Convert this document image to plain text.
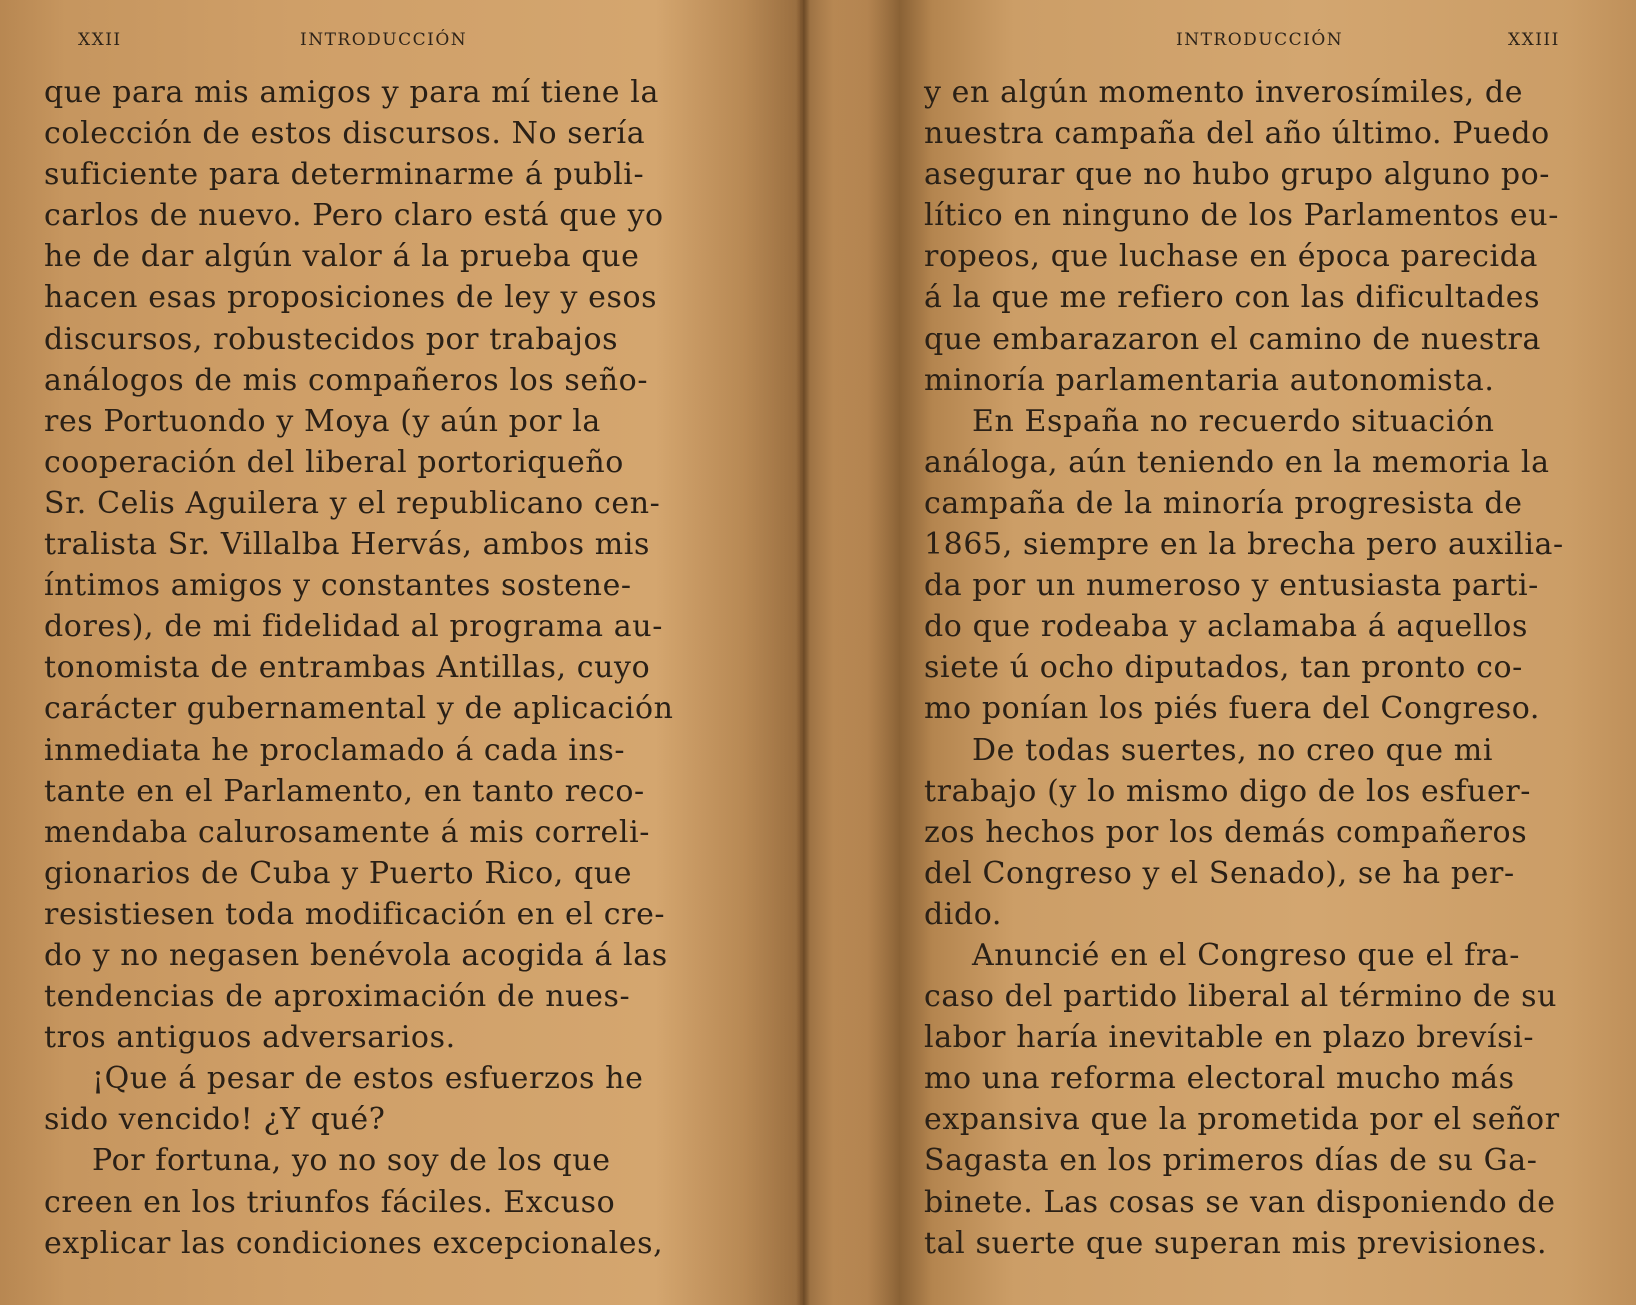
XXII	INTRODUCCIÓN
que para mis amigos y para mí tiene la
colección de estos discursos. No sería
suficiente para determinarme á publi-
carlos de nuevo. Pero claro está que yo
he de dar algún valor á la prueba que
hacen esas proposiciones de ley y esos
discursos, robustecidos por trabajos
análogos de mis compañeros los seño-
res Portuondo y Moya (y aún por la
cooperación del liberal portoriqueño
Sr. Celis Aguilera y el republicano cen-
tralista Sr. Villalba Hervás, ambos mis
íntimos amigos y constantes sostene-
dores), de mi fidelidad al programa au-
tonomista de entrambas Antillas, cuyo
carácter gubernamental y de aplicación
inmediata he proclamado á cada ins-
tante en el Parlamento, en tanto reco-
mendaba calurosamente á mis correli-
gionarios de Cuba y Puerto Rico, que
resistiesen toda modificación en el cre-
do y no negasen benévola acogida á las
tendencias de aproximación de nues-
tros antiguos adversarios.
¡Que á pesar de estos esfuerzos he
sido vencido! ¿Y qué?
Por fortuna, yo no soy de los que
creen en los triunfos fáciles. Excuso
explicar las condiciones excepcionales,
INTRODUCCIÓN	XXIII
y en algún momento inverosímiles, de
nuestra campaña del año último. Puedo
asegurar que no hubo grupo alguno po-
lítico en ninguno de los Parlamentos eu-
ropeos, que luchase en época parecida
á la que me refiero con las dificultades
que embarazaron el camino de nuestra
minoría parlamentaria autonomista.
En España no recuerdo situación
análoga, aún teniendo en la memoria la
campaña de la minoría progresista de
1865, siempre en la brecha pero auxilia-
da por un numeroso y entusiasta parti-
do que rodeaba y aclamaba á aquellos
siete ú ocho diputados, tan pronto co-
mo ponían los piés fuera del Congreso.
De todas suertes, no creo que mi
trabajo (y lo mismo digo de los esfuer-
zos hechos por los demás compañeros
del Congreso y el Senado), se ha per-
dido.
Anuncié en el Congreso que el fra-
caso del partido liberal al término de su
labor haría inevitable en plazo brevísi-
mo una reforma electoral mucho más
expansiva que la prometida por el señor
Sagasta en los primeros días de su Ga-
binete. Las cosas se van disponiendo de
tal suerte que superan mis previsiones.
